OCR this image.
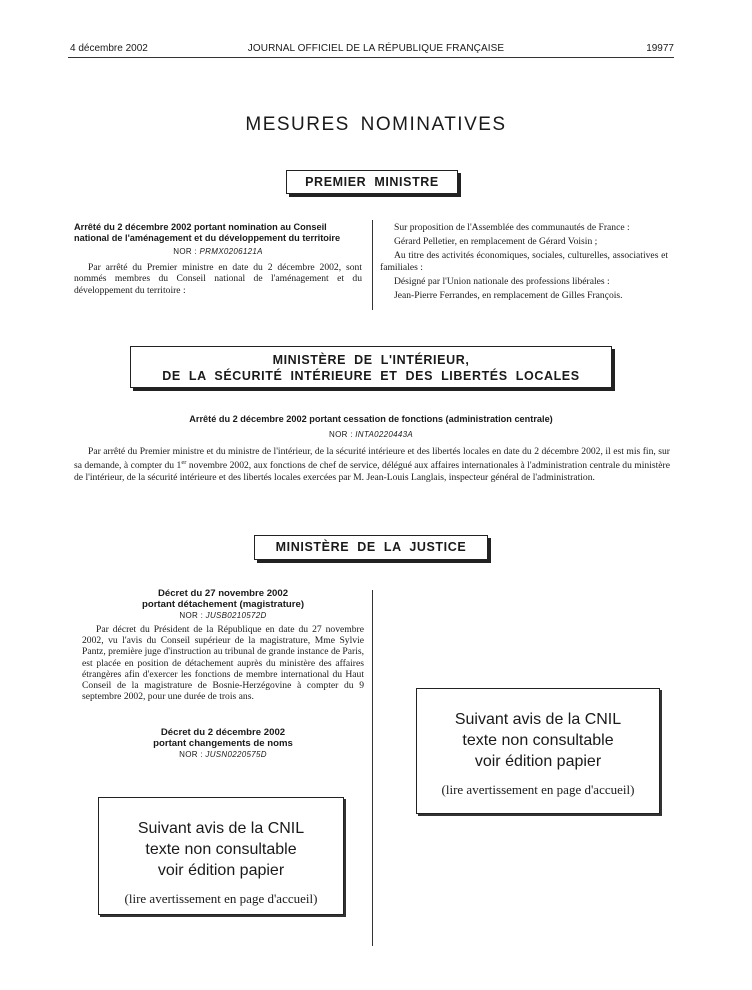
4 décembre 2002	JOURNAL OFFICIEL DE LA RÉPUBLIQUE FRANÇAISE	19977
MESURES NOMINATIVES
PREMIER MINISTRE
Arrêté du 2 décembre 2002 portant nomination au Conseil national de l'aménagement et du développement du territoire
NOR : PRMX0206121A

Par arrêté du Premier ministre en date du 2 décembre 2002, sont nommés membres du Conseil national de l'aménagement et du développement du territoire :

Sur proposition de l'Assemblée des communautés de France :

Gérard Pelletier, en remplacement de Gérard Voisin ;

Au titre des activités économiques, sociales, culturelles, associatives et familiales :

Désigné par l'Union nationale des professions libérales :

Jean-Pierre Ferrandes, en remplacement de Gilles François.

MINISTÈRE DE L'INTÉRIEUR,
DE LA SÉCURITÉ INTÉRIEURE ET DES LIBERTÉS LOCALES
Arrêté du 2 décembre 2002 portant cessation de fonctions (administration centrale)
NOR : INTA0220443A

Par arrêté du Premier ministre et du ministre de l'intérieur, de la sécurité intérieure et des libertés locales en date du 2 décembre 2002, il est mis fin, sur sa demande, à compter du 1er novembre 2002, aux fonctions de chef de service, délégué aux affaires internationales à l'administration centrale du ministère de l'intérieur, de la sécurité intérieure et des libertés locales exercées par M. Jean-Louis Langlais, inspecteur général de l'administration.

MINISTÈRE DE LA JUSTICE
Décret du 27 novembre 2002
portant détachement (magistrature)
NOR : JUSB0210572D

Par décret du Président de la République en date du 27 novembre 2002, vu l'avis du Conseil supérieur de la magistrature, Mme Sylvie Pantz, première juge d'instruction au tribunal de grande instance de Paris, est placée en position de détachement auprès du ministère des affaires étrangères afin d'exercer les fonctions de membre international du Haut Conseil de la magistrature de Bosnie-Herzégovine à compter du 9 septembre 2002, pour une durée de trois ans.

Décret du 2 décembre 2002
portant changements de noms
NOR : JUSN0220575D
Suivant avis de la CNIL
texte non consultable
voir édition papier
(lire avertissement en page d'accueil)
Suivant avis de la CNIL
texte non consultable
voir édition papier
(lire avertissement en page d'accueil)
